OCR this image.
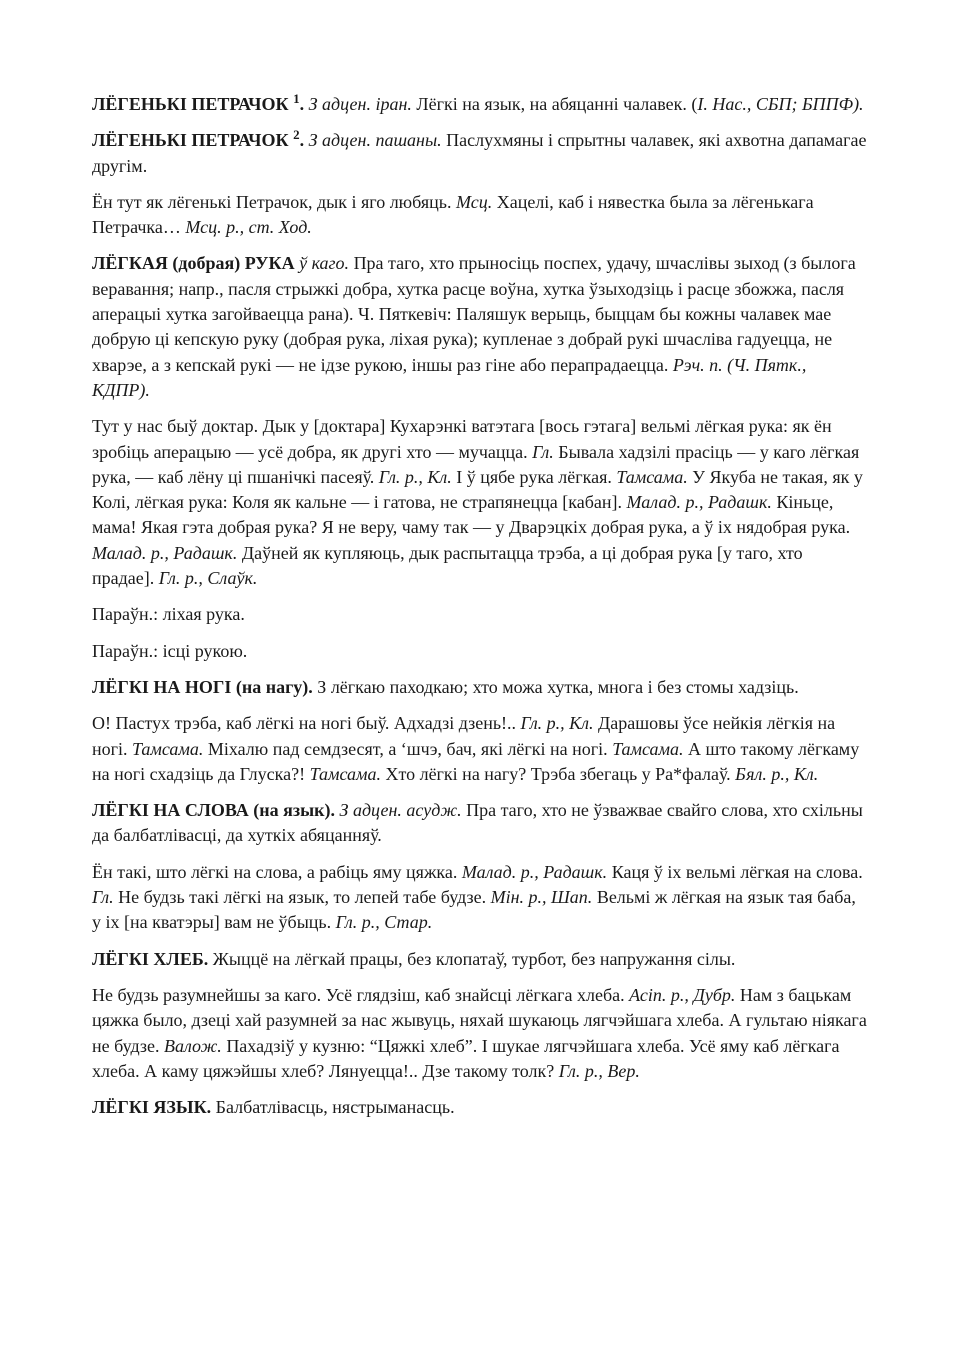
ЛЁГЕНЬКІ ПЕТРАЧОК $^1$. З адцен. іран. Лёгкі на язык, на абяцанні чалавек. (І. Нас., СБП; БППФ).

ЛЁГЕНЬКІ ПЕТРАЧОК $^2$. З адцен. пашаны. Паслухмяны і спрытны чалавек, які ахвотна дапамагае другім.

Ён тут як лёгенькі Петрачок, дык і яго любяць. Мсц. Хацелі, каб і нявестка была за лёгенькага Петрачка… Мсц. р., ст. Ход.

ЛЁГКАЯ (добрая) РУКА ў каго. Пра таго, хто прыносіць поспех, удачу, шчаслівы зыход (з былога веравання; напр., пасля стрыжкі добра, хутка расце воўна, хутка ўзыходзіць і расце збожжа, пасля аперацыі хутка загойваецца рана). Ч. Пяткевіч: Паляшук верыць, быццам бы кожны чалавек мае добрую ці кепскую руку (добрая рука, ліхая рука); купленае з добрай рукі шчаслівa гадуецца, не хварэе, а з кепскай рукі — не ідзе рукою, іншы раз гіне або перапрадаецца. Рэч. п. (Ч. Пятк., КДПР).

Тут у нас быў доктар. Дык у [доктара] Кухарэнкі ватэтага [вось гэтага] вельмі лёгкая рука: як ён зробіць аперацыю — усё добра, як другі хто — мучацца. Гл. Бывала хадзілі прасіць — у каго лёгкая рука, — каб лёну ці пшанічкі пасеяў. Гл. р., Кл. І ў цябе рука лёгкая. Тамсама. У Якуба не такая, як у Колі, лёгкая рука: Коля як кальне — і гатова, не страпянецца [кабан]. Малад. р., Радашк. Кіньце, мама! Якая гэта добрая рука? Я не веру, чаму так — у Дварэцкіх добрая рука, а ў іх нядобрая рука. Малад. р., Радашк. Даўней як купляюць, дык распытацца трэба, а ці добрая рука [у таго, хто прадае]. Гл. р., Слаўк.

Параўн.: ліхая рука.

Параўн.: ісці рукою.

ЛЁГКІ НА НОГІ (на нагу). З лёгкаю паходкаю; хто можа хутка, многа і без стомы хадзіць.

О! Пастух трэба, каб лёгкі на ногі быў. Адхадзі дзень!.. Гл. р., Кл. Дарашовы ўсе нейкія лёгкія на ногі. Тамсама. Міхалю пад семдзесят, а ‘шчэ, бач, які лёгкі на ногі. Тамсама. А што такому лёгкаму на ногі схадзіць да Глуска?! Тамсама. Хто лёгкі на нагу? Трэба збегаць у Ра*фалаў. Бял. р., Кл.

ЛЁГКІ НА СЛОВА (на язык). З адцен. асудж. Пра таго, хто не ўзважвае свайго слова, хто схільны да балбатлівасці, да хуткіх абяцанняў.

Ён такі, што лёгкі на слова, а рабіць яму цяжка. Малад. р., Радашк. Каця ў іх вельмі лёгкая на слова. Гл. Не будзь такі лёгкі на язык, то лепей табе будзе. Мін. р., Шап. Вельмі ж лёгкая на язык тая баба, у іх [на кватэры] вам не ўбыць. Гл. р., Стар.

ЛЁГКІ ХЛЕБ. Жыццё на лёгкай працы, без клопатаў, турбот, без напружання сілы.

Не будзь разумнейшы за каго. Усё глядзіш, каб знайсці лёгкага хлеба. Асіп. р., Дубр. Нам з бацькам цяжка было, дзеці хай разумней за нас жывуць, няхай шукаюць лягчэйшага хлеба. А гультаю ніякага не будзе. Валож. Пахадзіў у кузню: “Цяжкі хлеб”. І шукае лягчэйшага хлеба. Усё яму каб лёгкага хлеба. А каму цяжэйшы хлеб? Лянуецца!.. Дзе такому толк? Гл. р., Вер.

ЛЁГКІ ЯЗЫК. Балбатлівасць, нястрыманасць.
